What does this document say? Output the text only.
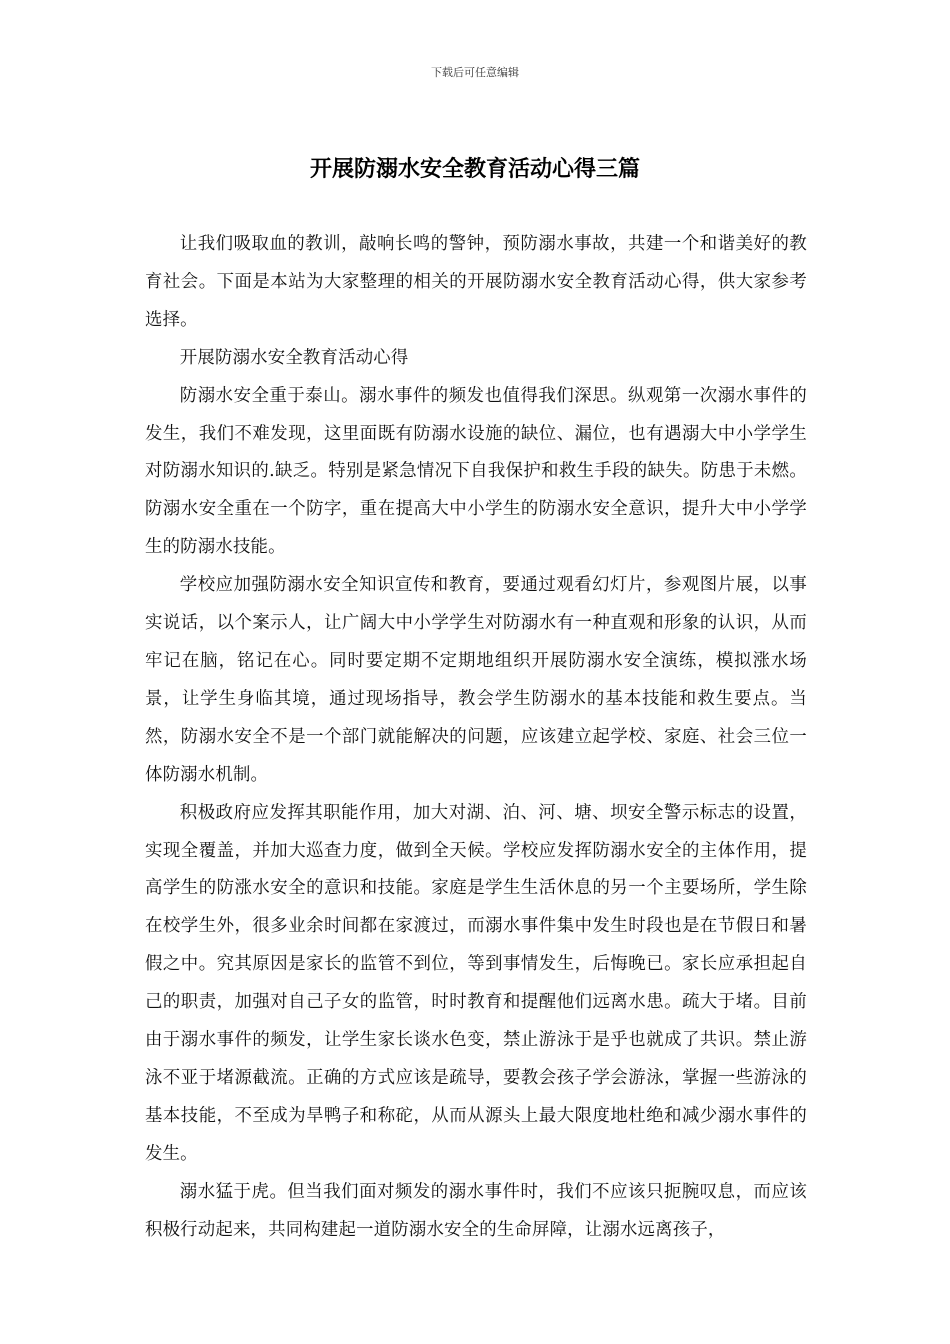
下载后可任意编辑
开展防溺水安全教育活动心得三篇

让我们吸取血的教训，敲响长鸣的警钟，预防溺水事故，共建一个和谐美好的教育社会。下面是本站为大家整理的相关的开展防溺水安全教育活动心得，供大家参考选择。

开展防溺水安全教育活动心得

防溺水安全重于泰山。溺水事件的频发也值得我们深思。纵观第一次溺水事件的发生，我们不难发现，这里面既有防溺水设施的缺位、漏位，也有遇溺大中小学学生对防溺水知识的.缺乏。特别是紧急情况下自我保护和救生手段的缺失。防患于未燃。防溺水安全重在一个防字，重在提高大中小学生的防溺水安全意识，提升大中小学学生的防溺水技能。

学校应加强防溺水安全知识宣传和教育，要通过观看幻灯片，参观图片展，以事实说话，以个案示人，让广阔大中小学学生对防溺水有一种直观和形象的认识，从而牢记在脑，铭记在心。同时要定期不定期地组织开展防溺水安全演练，模拟涨水场景，让学生身临其境，通过现场指导，教会学生防溺水的基本技能和救生要点。当然，防溺水安全不是一个部门就能解决的问题，应该建立起学校、家庭、社会三位一体防溺水机制。

积极政府应发挥其职能作用，加大对湖、泊、河、塘、坝安全警示标志的设置，实现全覆盖，并加大巡查力度，做到全天候。学校应发挥防溺水安全的主体作用，提高学生的防涨水安全的意识和技能。家庭是学生生活休息的另一个主要场所，学生除在校学生外，很多业余时间都在家渡过，而溺水事件集中发生时段也是在节假日和暑假之中。究其原因是家长的监管不到位，等到事情发生，后悔晚已。家长应承担起自己的职责，加强对自己子女的监管，时时教育和提醒他们远离水患。疏大于堵。目前由于溺水事件的频发，让学生家长谈水色变，禁止游泳于是乎也就成了共识。禁止游泳不亚于堵源截流。正确的方式应该是疏导，要教会孩子学会游泳，掌握一些游泳的基本技能，不至成为旱鸭子和称砣，从而从源头上最大限度地杜绝和减少溺水事件的发生。

溺水猛于虎。但当我们面对频发的溺水事件时，我们不应该只扼腕叹息，而应该积极行动起来，共同构建起一道防溺水安全的生命屏障，让溺水远离孩子，
